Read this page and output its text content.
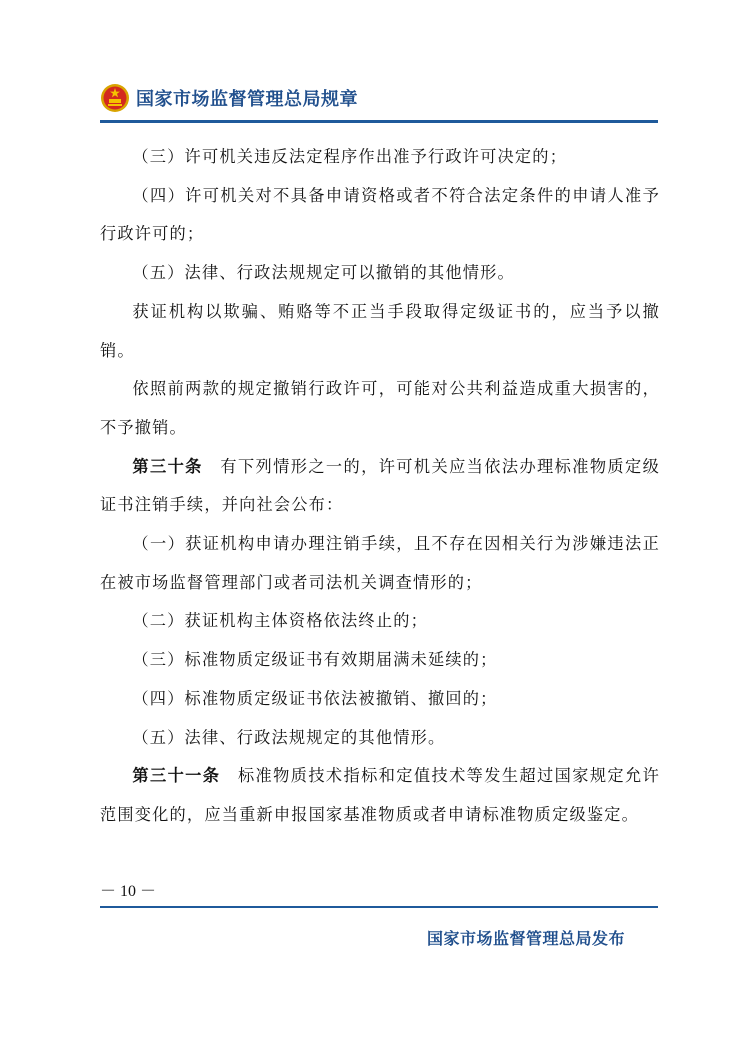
国家市场监督管理总局规章

（三）许可机关违反法定程序作出准予行政许可决定的；

（四）许可机关对不具备申请资格或者不符合法定条件的申请人准予行政许可的；

（五）法律、行政法规规定可以撤销的其他情形。

获证机构以欺骗、贿赂等不正当手段取得定级证书的，应当予以撤销。

依照前两款的规定撤销行政许可，可能对公共利益造成重大损害的，不予撤销。

第三十条  有下列情形之一的，许可机关应当依法办理标准物质定级证书注销手续，并向社会公布：

（一）获证机构申请办理注销手续，且不存在因相关行为涉嫌违法正在被市场监督管理部门或者司法机关调查情形的；

（二）获证机构主体资格依法终止的；

（三）标准物质定级证书有效期届满未延续的；

（四）标准物质定级证书依法被撤销、撤回的；

（五）法律、行政法规规定的其他情形。

第三十一条  标准物质技术指标和定值技术等发生超过国家规定允许范围变化的，应当重新申报国家基准物质或者申请标准物质定级鉴定。

－ 10 －
国家市场监督管理总局发布
